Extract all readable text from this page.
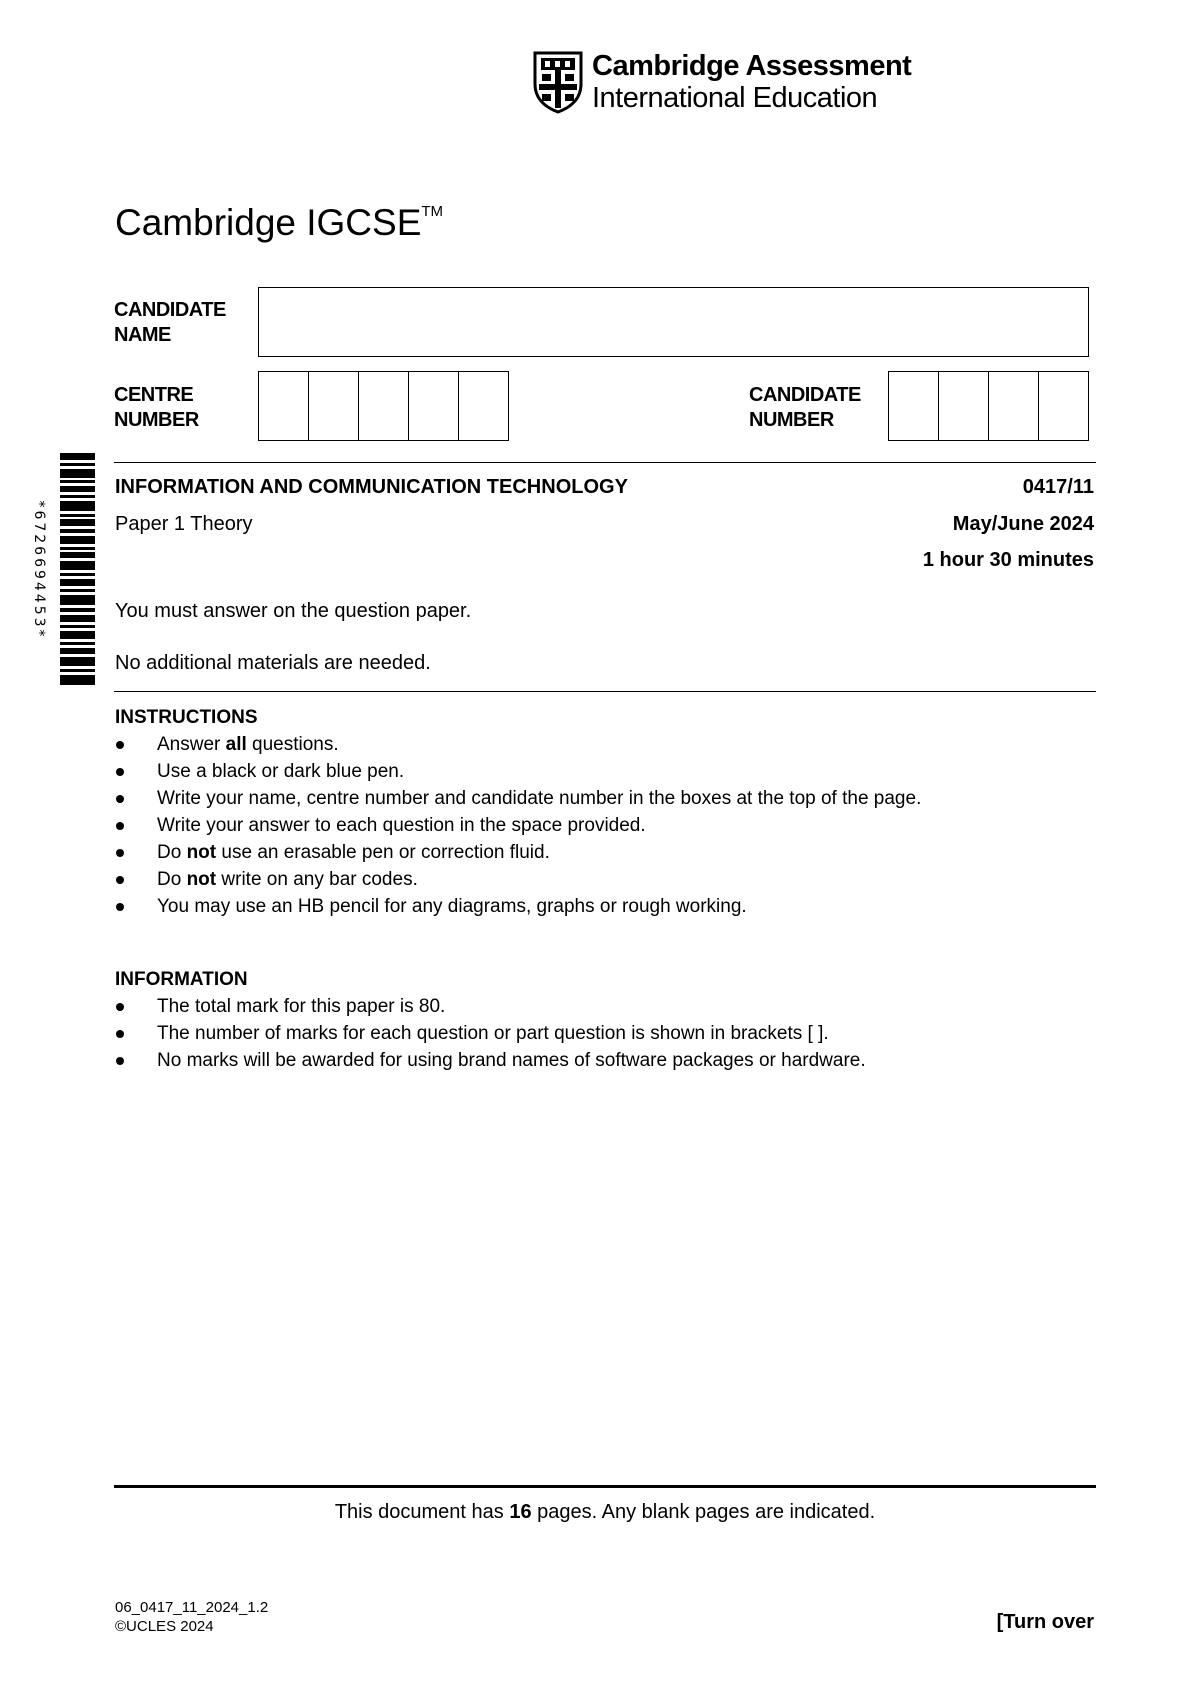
Cambridge Assessment
International Education
Cambridge IGCSE™
CANDIDATE
NAME
CENTRE
NUMBER
CANDIDATE
NUMBER
*6726694453*
INFORMATION AND COMMUNICATION TECHNOLOGY	0417/11
Paper 1 Theory	May/June 2024
1 hour 30 minutes
You must answer on the question paper.
No additional materials are needed.
INSTRUCTIONS
Answer all questions.
Use a black or dark blue pen.
Write your name, centre number and candidate number in the boxes at the top of the page.
Write your answer to each question in the space provided.
Do not use an erasable pen or correction fluid.
Do not write on any bar codes.
You may use an HB pencil for any diagrams, graphs or rough working.
INFORMATION
The total mark for this paper is 80.
The number of marks for each question or part question is shown in brackets [ ].
No marks will be awarded for using brand names of software packages or hardware.
This document has 16 pages. Any blank pages are indicated.
06_0417_11_2024_1.2
©UCLES 2024	[Turn over
